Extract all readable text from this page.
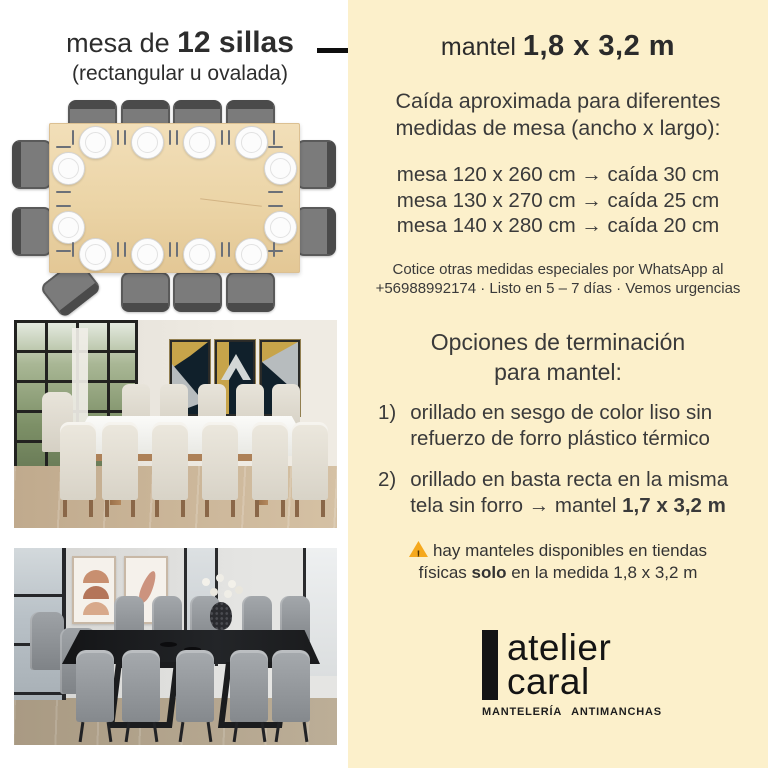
mesa de 12 sillas
(rectangular u ovalada)
mantel 1,8 x 3,2 m
Caída aproximada para diferentes
medidas de mesa (ancho x largo):
mesa 120 x 260 cm → caída 30 cm
mesa 130 x 270 cm → caída 25 cm
mesa 140 x 280 cm → caída 20 cm
Cotice otras medidas especiales por WhatsApp al
+56988992174 · Listo en 5 – 7 días · Vemos urgencias
Opciones de terminación
para mantel:
1) orillado en sesgo de color liso sin refuerzo de forro plástico térmico
2) orillado en basta recta en la misma tela sin forro → mantel 1,7 x 3,2 m
!hay manteles disponibles en tiendas
físicas solo en la medida 1,8 x 3,2 m
atelier
caral
MANTELERÍA ANTIMANCHAS
